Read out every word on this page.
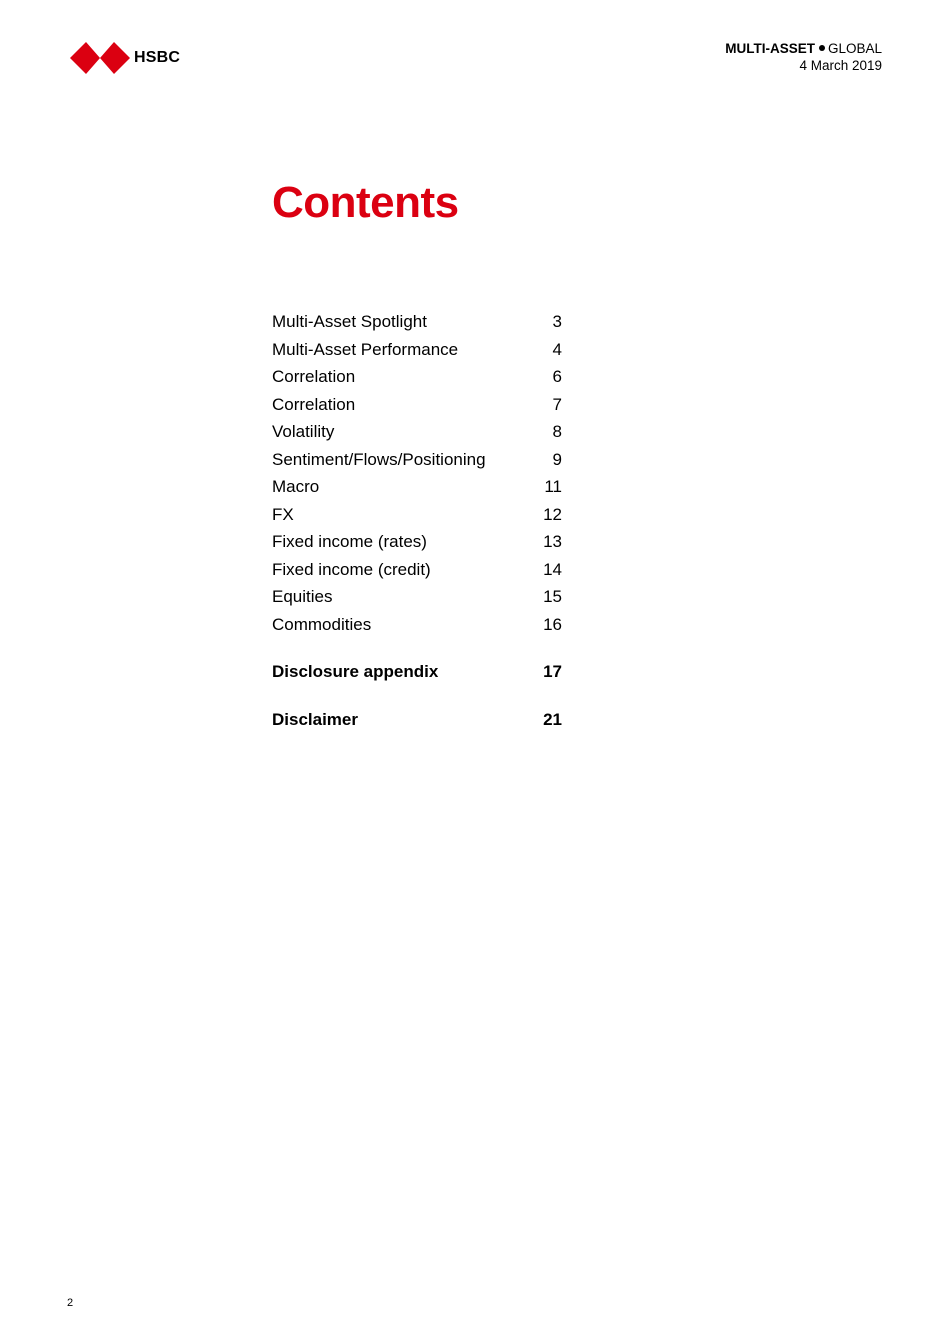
HSBC
MULTI-ASSET GLOBAL
4 March 2019
Contents
Multi-Asset Spotlight	3
Multi-Asset Performance	4
Correlation	6
Correlation	7
Volatility	8
Sentiment/Flows/Positioning	9
Macro	11
FX	12
Fixed income (rates)	13
Fixed income (credit)	14
Equities	15
Commodities	16
Disclosure appendix	17
Disclaimer	21
2
